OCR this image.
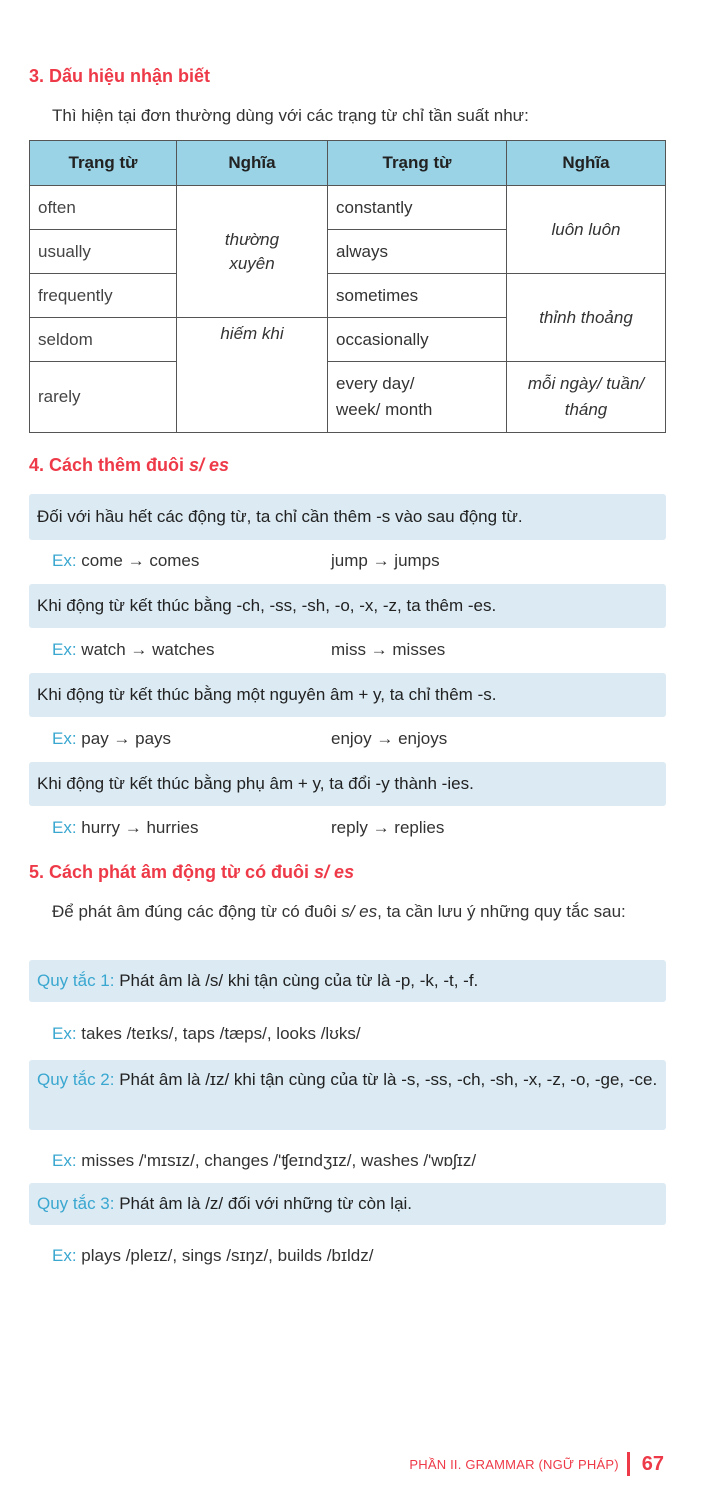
3. Dấu hiệu nhận biết
Thì hiện tại đơn thường dùng với các trạng từ chỉ tần suất như:
Trạng từ	Nghĩa	Trạng từ	Nghĩa
often	thường xuyên	constantly	luôn luôn
usually		always	
frequently		sometimes	thỉnh thoảng
seldom	hiếm khi	occasionally	
rarely		every day/ week/ month	mỗi ngày/ tuần/ tháng
4. Cách thêm đuôi s/ es
Đối với hầu hết các động từ, ta chỉ cần thêm -s vào sau động từ.
Ex: come → comes	jump → jumps
Khi động từ kết thúc bằng -ch, -ss, -sh, -o, -x, -z, ta thêm -es.
Ex: watch → watches	miss → misses
Khi động từ kết thúc bằng một nguyên âm + y, ta chỉ thêm -s.
Ex: pay → pays	enjoy → enjoys
Khi động từ kết thúc bằng phụ âm + y, ta đổi -y thành -ies.
Ex: hurry → hurries	reply → replies
5. Cách phát âm động từ có đuôi s/ es
Để phát âm đúng các động từ có đuôi s/ es, ta cần lưu ý những quy tắc sau:
Quy tắc 1: Phát âm là /s/ khi tận cùng của từ là -p, -k, -t, -f.
Ex: takes /teɪks/, taps /tæps/, looks /lʊks/
Quy tắc 2: Phát âm là /ɪz/ khi tận cùng của từ là -s, -ss, -ch, -sh, -x, -z, -o, -ge, -ce.
Ex: misses /'mɪsɪz/, changes /'ʧeɪndʒɪz/, washes /'wɒʃɪz/
Quy tắc 3: Phát âm là /z/ đối với những từ còn lại.
Ex: plays /pleɪz/, sings /sɪŋz/, builds /bɪldz/
PHẦN II. GRAMMAR (NGỮ PHÁP) 67
